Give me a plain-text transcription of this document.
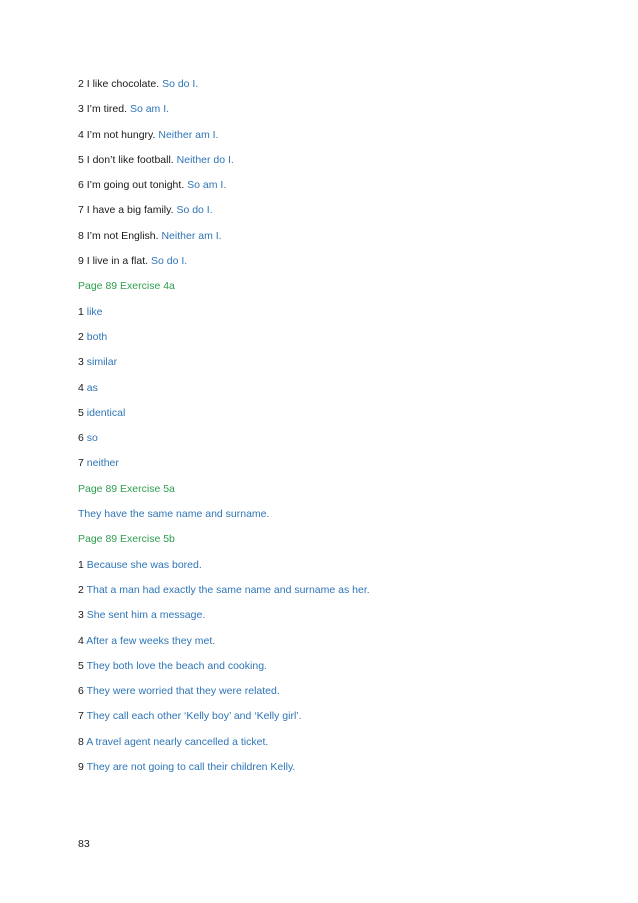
2 I like chocolate. So do I.
3 I’m tired. So am I.
4 I’m not hungry. Neither am I.
5 I don’t like football. Neither do I.
6 I’m going out tonight. So am I.
7 I have a big family. So do I.
8 I’m not English. Neither am I.
9 I live in a flat. So do I.
Page 89 Exercise 4a
1 like
2 both
3 similar
4 as
5 identical
6 so
7 neither
Page 89 Exercise 5a
They have the same name and surname.
Page 89 Exercise 5b
1 Because she was bored.
2 That a man had exactly the same name and surname as her.
3 She sent him a message.
4 After a few weeks they met.
5 They both love the beach and cooking.
6 They were worried that they were related.
7 They call each other ‘Kelly boy’ and ‘Kelly girl’.
8 A travel agent nearly cancelled a ticket.
9 They are not going to call their children Kelly.
83
